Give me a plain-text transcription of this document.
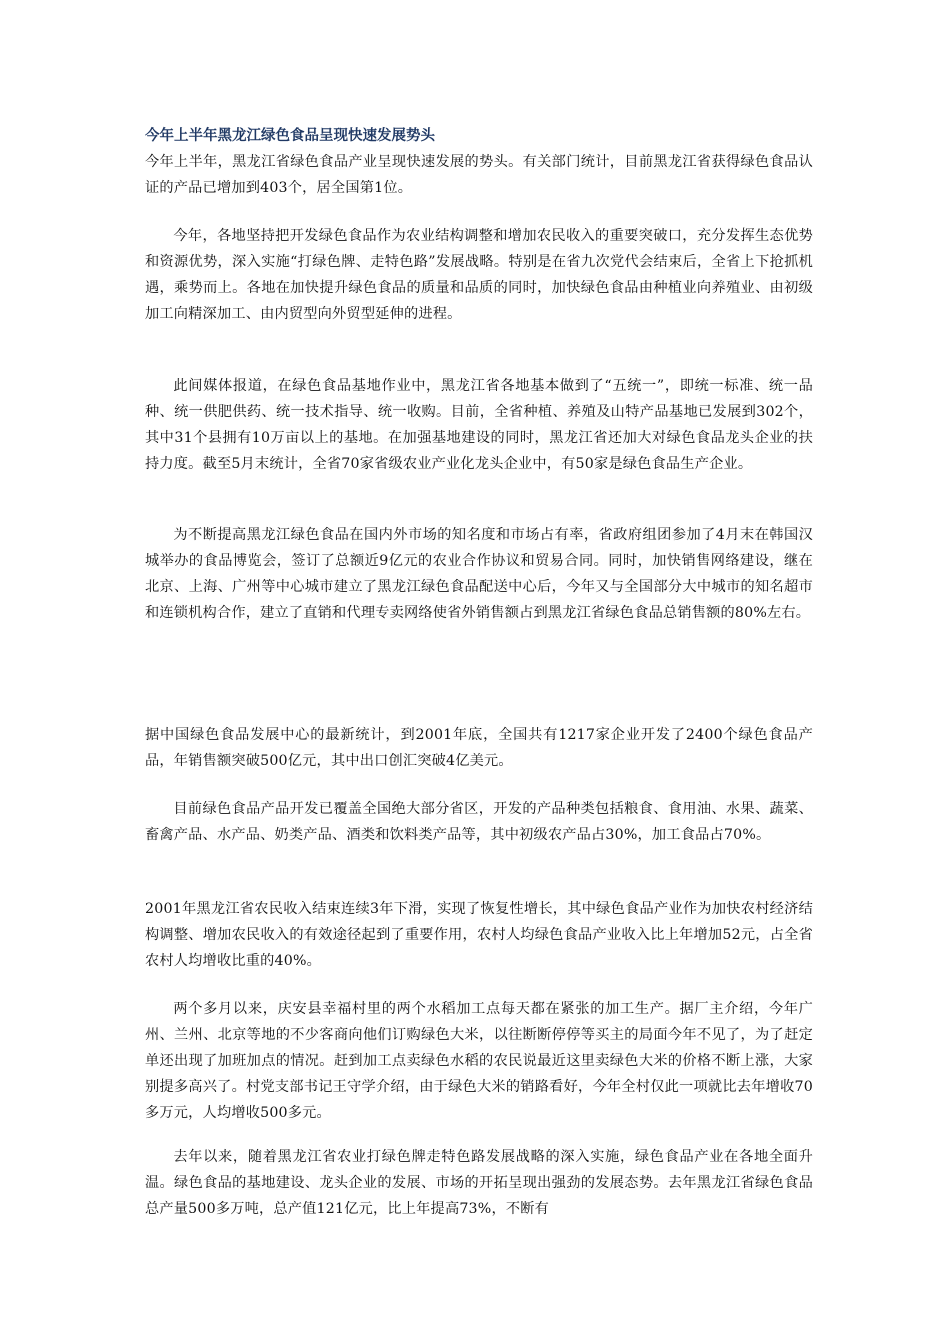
今年上半年黑龙江绿色食品呈现快速发展势头

今年上半年，黑龙江省绿色食品产业呈现快速发展的势头。有关部门统计，目前黑龙江省获得绿色食品认证的产品已增加到403个，居全国第1位。

今年，各地坚持把开发绿色食品作为农业结构调整和增加农民收入的重要突破口，充分发挥生态优势和资源优势，深入实施“打绿色牌、走特色路”发展战略。特别是在省九次党代会结束后，全省上下抢抓机遇，乘势而上。各地在加快提升绿色食品的质量和品质的同时，加快绿色食品由种植业向养殖业、由初级加工向精深加工、由内贸型向外贸型延伸的进程。

此间媒体报道，在绿色食品基地作业中，黑龙江省各地基本做到了“五统一”，即统一标准、统一品种、统一供肥供药、统一技术指导、统一收购。目前，全省种植、养殖及山特产品基地已发展到302个，其中31个县拥有10万亩以上的基地。在加强基地建设的同时，黑龙江省还加大对绿色食品龙头企业的扶持力度。截至5月末统计，全省70家省级农业产业化龙头企业中，有50家是绿色食品生产企业。

为不断提高黑龙江绿色食品在国内外市场的知名度和市场占有率，省政府组团参加了4月末在韩国汉城举办的食品博览会，签订了总额近9亿元的农业合作协议和贸易合同。同时，加快销售网络建设，继在北京、上海、广州等中心城市建立了黑龙江绿色食品配送中心后，今年又与全国部分大中城市的知名超市和连锁机构合作，建立了直销和代理专卖网络使省外销售额占到黑龙江省绿色食品总销售额的80%左右。

据中国绿色食品发展中心的最新统计，到2001年底，全国共有1217家企业开发了2400个绿色食品产品，年销售额突破500亿元，其中出口创汇突破4亿美元。

目前绿色食品产品开发已覆盖全国绝大部分省区，开发的产品种类包括粮食、食用油、水果、蔬菜、畜禽产品、水产品、奶类产品、酒类和饮料类产品等，其中初级农产品占30%，加工食品占70%。

2001年黑龙江省农民收入结束连续3年下滑，实现了恢复性增长，其中绿色食品产业作为加快农村经济结构调整、增加农民收入的有效途径起到了重要作用，农村人均绿色食品产业收入比上年增加52元，占全省农村人均增收比重的40%。

两个多月以来，庆安县幸福村里的两个水稻加工点每天都在紧张的加工生产。据厂主介绍，今年广州、兰州、北京等地的不少客商向他们订购绿色大米，以往断断停停等买主的局面今年不见了，为了赶定单还出现了加班加点的情况。赶到加工点卖绿色水稻的农民说最近这里卖绿色大米的价格不断上涨，大家别提多高兴了。村党支部书记王守学介绍，由于绿色大米的销路看好，今年全村仅此一项就比去年增收70多万元，人均增收500多元。

去年以来，随着黑龙江省农业打绿色牌走特色路发展战略的深入实施，绿色食品产业在各地全面升温。绿色食品的基地建设、龙头企业的发展、市场的开拓呈现出强劲的发展态势。去年黑龙江省绿色食品总产量500多万吨，总产值121亿元，比上年提高73%，不断有
